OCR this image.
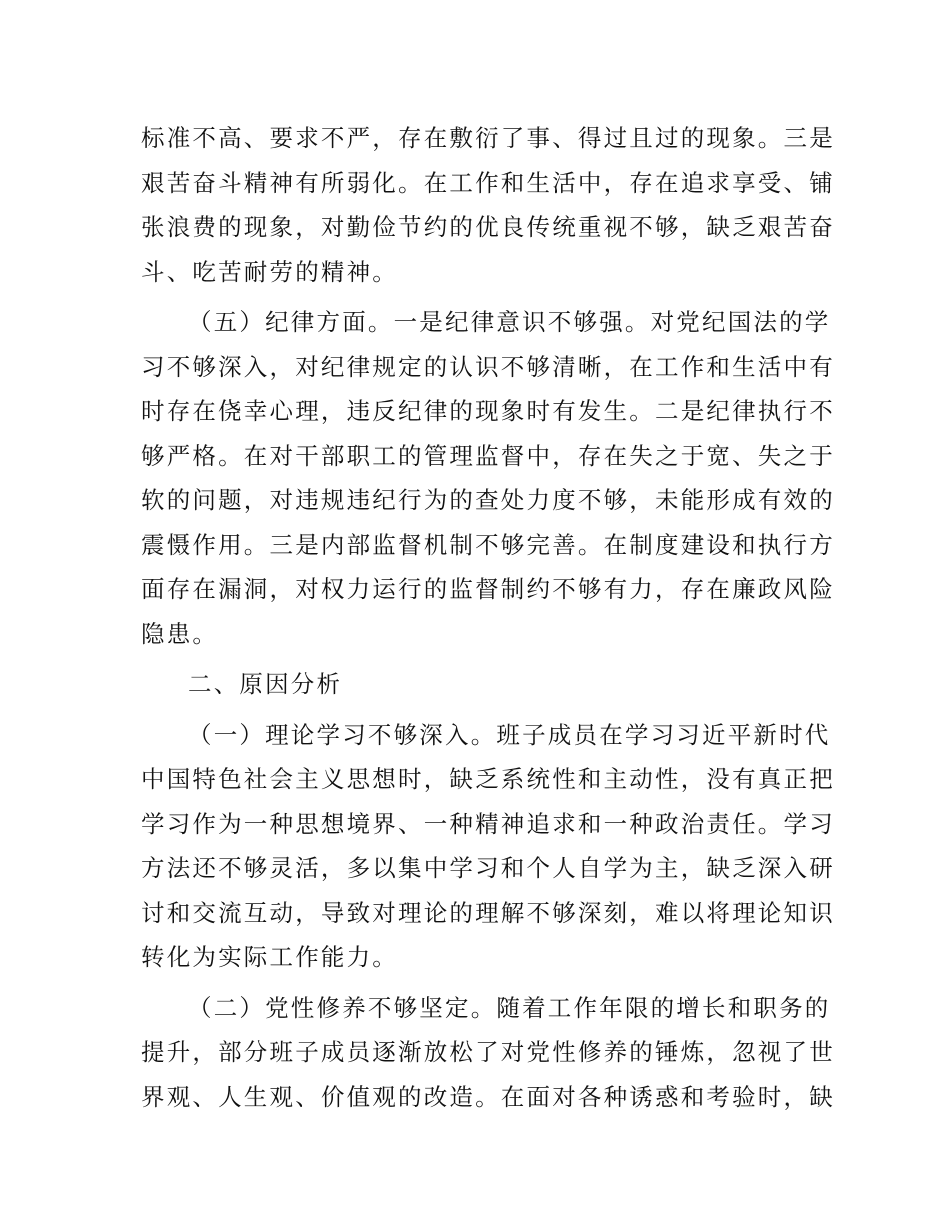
标准不高、要求不严，存在敷衍了事、得过且过的现象。三是
艰苦奋斗精神有所弱化。在工作和生活中，存在追求享受、铺
张浪费的现象，对勤俭节约的优良传统重视不够，缺乏艰苦奋
斗、吃苦耐劳的精神。
（五）纪律方面。一是纪律意识不够强。对党纪国法的学
习不够深入，对纪律规定的认识不够清晰，在工作和生活中有
时存在侥幸心理，违反纪律的现象时有发生。二是纪律执行不
够严格。在对干部职工的管理监督中，存在失之于宽、失之于
软的问题，对违规违纪行为的查处力度不够，未能形成有效的
震慑作用。三是内部监督机制不够完善。在制度建设和执行方
面存在漏洞，对权力运行的监督制约不够有力，存在廉政风险
隐患。
二、原因分析
（一）理论学习不够深入。班子成员在学习习近平新时代
中国特色社会主义思想时，缺乏系统性和主动性，没有真正把
学习作为一种思想境界、一种精神追求和一种政治责任。学习
方法还不够灵活，多以集中学习和个人自学为主，缺乏深入研
讨和交流互动，导致对理论的理解不够深刻，难以将理论知识
转化为实际工作能力。
（二）党性修养不够坚定。随着工作年限的增长和职务的
提升，部分班子成员逐渐放松了对党性修养的锤炼，忽视了世
界观、人生观、价值观的改造。在面对各种诱惑和考验时，缺
